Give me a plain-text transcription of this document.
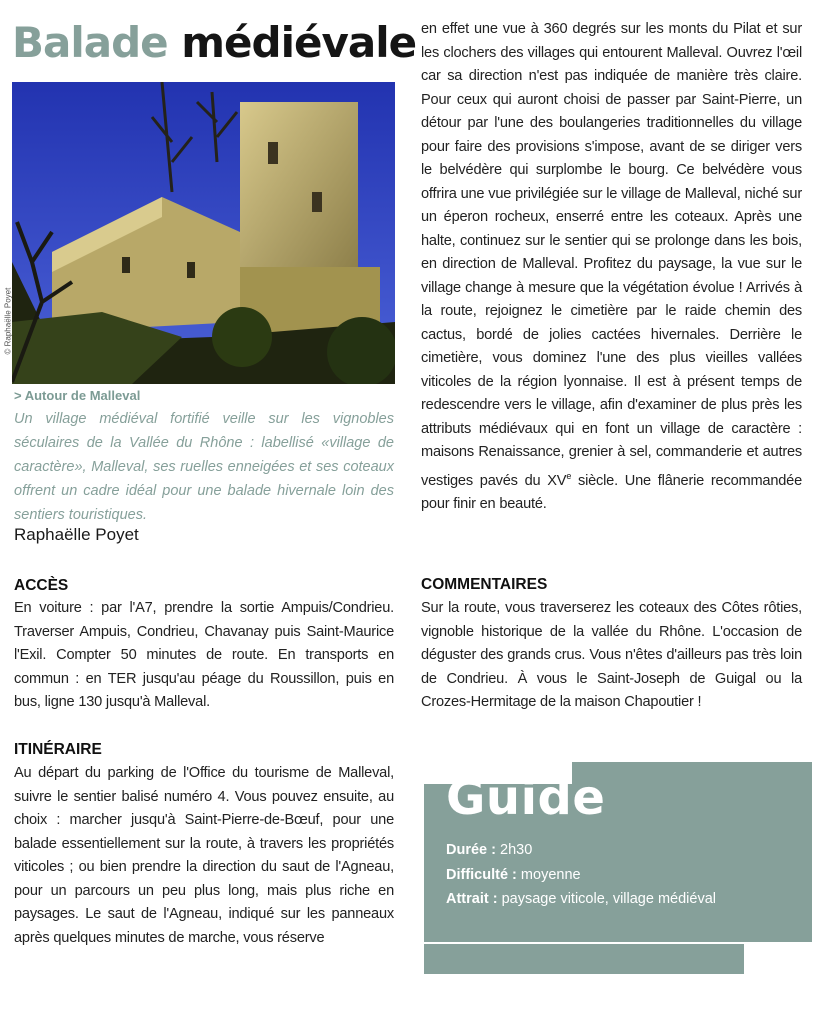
Balade médiévale
© Raphaëlle Poyet
> Autour de Malleval
Un village médiéval fortifié veille sur les vignobles séculaires de la Vallée du Rhône : labellisé «village de caractère», Malleval, ses ruelles enneigées et ses coteaux offrent un cadre idéal pour une balade hivernale loin des sentiers touristiques.
Raphaëlle Poyet
ACCÈS
En voiture : par l'A7, prendre la sortie Ampuis/Condrieu. Traverser Ampuis, Condrieu, Chavanay puis Saint-Maurice l'Exil. Compter 50 minutes de route. En transports en commun : en TER jusqu'au péage du Roussillon, puis en bus, ligne 130 jusqu'à Malleval.
ITINÉRAIRE
Au départ du parking de l'Office du tourisme de Malleval, suivre le sentier balisé numéro 4. Vous pouvez ensuite, au choix : marcher jusqu'à Saint-Pierre-de-Bœuf, pour une balade essentiellement sur la route, à travers les propriétés viticoles ; ou bien prendre la direction du saut de l'Agneau, pour un parcours un peu plus long, mais plus riche en paysages. Le saut de l'Agneau, indiqué sur les panneaux après quelques minutes de marche, vous réserve
en effet une vue à 360 degrés sur les monts du Pilat et sur les clochers des villages qui entourent Malleval. Ouvrez l'œil car sa direction n'est pas indiquée de manière très claire. Pour ceux qui auront choisi de passer par Saint-Pierre, un détour par l'une des boulangeries traditionnelles du village pour faire des provisions s'impose, avant de se diriger vers le belvédère qui surplombe le bourg. Ce belvédère vous offrira une vue privilégiée sur le village de Malleval, niché sur un éperon rocheux, enserré entre les coteaux. Après une halte, continuez sur le sentier qui se prolonge dans les bois, en direction de Malleval. Profitez du paysage, la vue sur le village change à mesure que la végétation évolue ! Arrivés à la route, rejoignez le cimetière par le raide chemin des cactus, bordé de jolies cactées hivernales. Derrière le cimetière, vous dominez l'une des plus vieilles vallées viticoles de la région lyonnaise. Il est à présent temps de redescendre vers le village, afin d'examiner de plus près les attributs médiévaux qui en font un village de caractère : maisons Renaissance, grenier à sel, commanderie et autres vestiges pavés du XVe siècle. Une flânerie recommandée pour finir en beauté.
COMMENTAIRES
Sur la route, vous traverserez les coteaux des Côtes rôties, vignoble historique de la vallée du Rhône. L'occasion de déguster des grands crus. Vous n'êtes d'ailleurs pas très loin de Condrieu. À vous le Saint-Joseph de Guigal ou la Crozes-Hermitage de la maison Chapoutier !
Guide
Durée : 2h30
Difficulté : moyenne
Attrait : paysage viticole, village médiéval
